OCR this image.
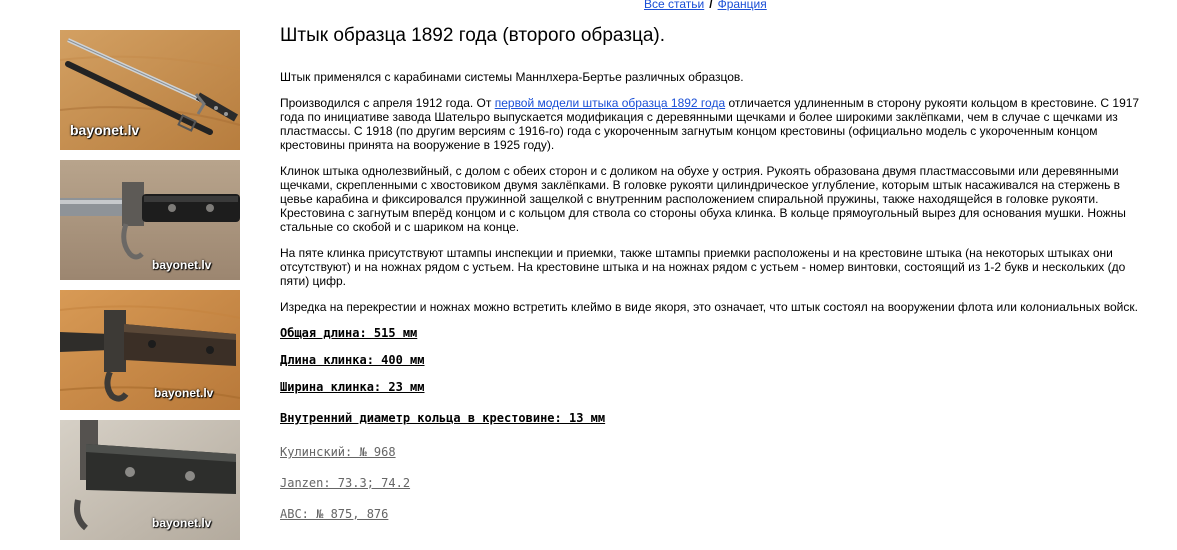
Все статьи / Франция
bayonet.lv
bayonet.lv
bayonet.lv
bayonet.lv
Штык образца 1892 года (второго образца).

Штык применялся с карабинами системы Маннлхера-Бертье различных образцов.

Производился с апреля 1912 года. От первой модели штыка образца 1892 года отличается удлиненным в сторону рукояти кольцом в крестовине. С 1917 года по инициативе завода Шательро выпускается модификация с деревянными щечками и более широкими заклёпками, чем в случае с щечками из пластмассы. С 1918 (по другим версиям с 1916-го) года с укороченным загнутым концом крестовины (официально модель с укороченным концом крестовины принята на вооружение в 1925 году).

Клинок штыка однолезвийный, с долом с обеих сторон и с доликом на обухе у острия. Рукоять образована двумя пластмассовыми или деревянными щечками, скрепленными с хвостовиком двумя заклёпками. В головке рукояти цилиндрическое углубление, которым штык насаживался на стержень в цевье карабина и фиксировался пружинной защелкой с внутренним расположением спиральной пружины, также находящейся в головке рукояти. Крестовина с загнутым вперёд концом и с кольцом для ствола со стороны обуха клинка. В кольце прямоугольный вырез для основания мушки. Ножны стальные со скобой и с шариком на конце.

На пяте клинка присутствуют штампы инспекции и приемки, также штампы приемки расположены и на крестовине штыка (на некоторых штыках они отсутствуют) и на ножнах рядом с устьем. На крестовине штыка и на ножнах рядом с устьем - номер винтовки, состоящий из 1-2 букв и нескольких (до пяти) цифр.

Изредка на перекрестии и ножнах можно встретить клеймо в виде якоря, это означает, что штык состоял на вооружении флота или колониальных войск.

Общая длина: 515 мм
Длина клинка: 400 мм
Ширина клинка: 23 мм
Внутренний диаметр кольца в крестовине: 13 мм
Кулинский: № 968
Janzen: 73.3; 74.2
ABC: № 875, 876
